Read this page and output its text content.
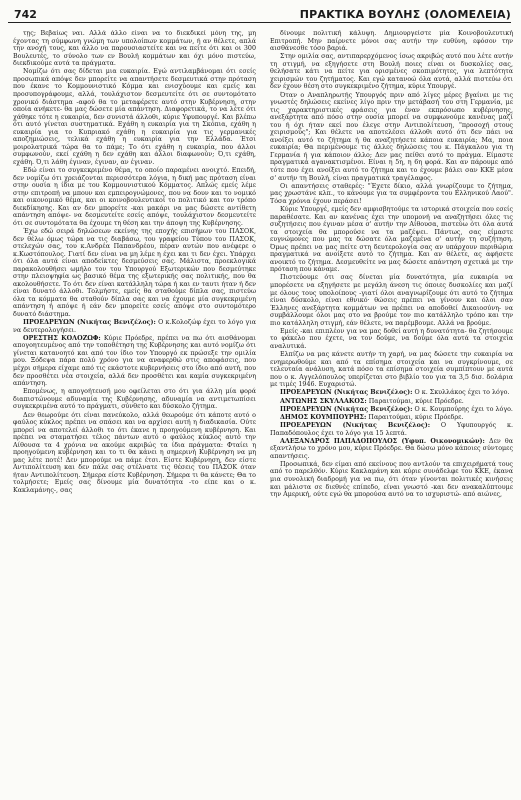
742	ΠΡΑΚΤΙΚΑ ΒΟΥΛΗΣ (ΟΛΟΜΕΛΕΙΑ)

τῃς; Βεβαίως ναι. Αλλά άλλο είναι να το διεκδικεί μόνη της, μη έχοντας τη σύμφωνη γνώμη των υπολοίπων κομμάτων, ή αν θέλετε, απλά την ανοχή τους, και άλλο να παρουσιαστείτε και να πείτε ότι και οι 300 Βουλευτές, το σύνολο των εν Βουλή κομμάτων και όχι μόνο πιστεύω, διεκδικούμε αυτά τα πράγματα.

Νομίζω ότι σας δίδεται μια ευκαιρία. Εγώ αντιλαμβάνομαι ότι εσείς προσωπικά απόψε δεν μπορείτε να απαντήσετε δεσμευτικά στην πρόταση που έκανε το Κομμουνιστικό Κόμμα και ενισχύουμε και εμείς και προσυπογράφουμε, αλλά, τουλάχιστον δεσμευτείτε ότι σε συντομότατο χρονικό διάστημα -αφού θα το μεταφέρετε αυτό στην Κυβέρνηση, στην οποία ανήκετε- θα μας δώσετε μία απάντηση. Διαφορετικά, το να λέτε ότι χάθηκε τότε η ευκαιρία, δεν συνιστά άλλοθι, κύριε Υφυπουργέ. Και βλέπω ότι αυτό γίνεται συστηματικά. Εχάθη η ευκαιρία για τη Σκόπια, εχάθη η ευκαιρία για το Κυπριακό εχάθη η ευκαιρία για τις γερμανικές αποζημιώσεις, τελικά εχάθη η ευκαιρία για την Ελλάδα. Έτσι μοιρολατρικά τώρα θα το πάμε; Το ότι εχάθη η ευκαιρία, που άλλοι συμφωνούν, εκεί εχάθη η δεν εχάθη και άλλοι διαφωνούν; Ό,τι εχάθη, εχάθη. Ό,τι λάθη έγιναν, έγιναν, αν έγιναν.

Εδώ είναι το συγκεκριμένο θέμα, το οποίο παραμένει ανοιχτό. Επειδή, δεν νομίζω ότι χρειάζονται περισσότερα λόγια, η δική μας πρόταση είναι στην ουσία η ίδια με του Κομμουνιστικού Κόμματος. Απλώς εμείς λέμε στην επιτροπή να μπουν και εμπειρογνώμονες, που να δουν και το νομικό και οικονομικό θέμα, και οι κοινοβουλευτικοί το πολιτικό και τον τρόπο διεκδίκησης. Και αν δεν μπορείτε -και μακάρι να μας δώσετε αντίθετη απάντηση απόψε- να δεσμευτείτε εσείς απόψε, τουλάχιστον δεσμευτείτε ότι σε συντομότατα θα έχουμε τη θέση και την άποψη της Κυβέρνησης.

Έχω εδώ σειρά δηλώσεων εκείνης της εποχής επισήμων του ΠΑΣΟΚ, δεν θέλω όμως τώρα να τις διαβάσω, του γραφείου Τύπου του ΠΑΣΟΚ, στελεχών σας, του κ.Ανδρέα Παπανδρέου, πέραν αυτών που ανέφερε ο κ.Κωστόπουλος. Γιατί δεν είναι να μη λέμε η έχει και τι δεν έχει. Υπάρχει ότι όλα αυτά είναι αποδείκτες δεσμεύσεις σας. Μάλιστα, προεκλογικά παρακολουθήσει ωμήλο τον του Υπουργού Εξωτερικών που δεσμεύτηκε στην πλειοψηφία ως βασικό θέμα της εξωτερικής σας πολιτικής, που θα ακολουθήσετε. Το ότι δεν είναι κατάλληλη τώρα ή και εν ταυτι ήταν ή δεν είναι δυνατό άλλοθι. Τολμήστε, εμείς θα σταθούμε δίπλα σας, πιστεύω όλα τα κόμματα θα σταθούν δίπλα σας και να έχουμε μία συγκεκριμένη απάντηση ή απόψε ή εάν δεν μπορείτε εσείς απόψε στο συντομότερο δυνατό διάστημα.

ΠΡΟΕΔΡΕΥΩΝ (Νικήτας Βενιζέλος): Ο κ.Κολοζώφ έχει το λόγο για να δευτερολογήσει.

ΟΡΕΣΤΗΣ ΚΟΛΟΖΩΦ: Κύριε Πρόεδρε, πρέπει να πω ότι αισθάνομαι απογοητευμένος από την τοποθέτηση της Κυβέρνησης και αυτό νομίζω ότι γίνεται κατανοητό και από τον ίδιο τον Υπουργό εκ πρώσεξε την ομιλία μου. Ξόδεψα πάρα πολύ χρόνο για να αναφερθώ στις αποφάσεις, που μέχρι σήμερα είχαμε από τις εκάστοτε κυβερνήσεις στο ίδιο από αυτή, που δεν προσθέτει νέα στοιχεία, αλλά δεν προσθέτει και καμία συγκεκριμένη απάντηση.

Επομένως, η απογοήτευσή μου οφείλεται στο ότι για άλλη μία φορά διαπιστώνουμε αδυναμία της Κυβέρνησης, αδυναμία να αντιμετωπίσει συγκεκριμένα αυτό το πράγματι, σύνθετο και δύσκολο ζήτημα.

Δεν θεωρούμε ότι είναι πανεύκολο, αλλά θεωρούμε ότι κάποτε αυτό ο φαύλος κύκλος πρέπει να σπάσει και να αρχίσει αυτή η διαδικασία. Ούτε μπορεί να αποτελεί άλλοθι το ότι έκανε η προηγούμενη κυβέρνηση. Και πρέπει να σταματήσει τέλος πάντων αυτό ο φαύλος κύκλος αυτό την Αίθουσα τα 4 χρόνια να ακούμε ακριβώς τα ίδια πράγματα: Φταίει η προηγούμενη κυβέρνηση και το τι θα κάνει η σημερινή Κυβέρνηση να μη μας λέτε ποτέ! Δεν μπορούμε να πάμε έτσι. Είστε Κυβέρνηση, δεν είστε Αντιπολίτευση και δεν πάλε σας στέλνατε τις θέσεις του ΠΑΣΟΚ όταν ήταν Αντιπολίτευση. Σήμερα είστε Κυβέρνηση. Σήμερα τι θα κάνετε; Θα το τολμήσετε; Εμείς σας δίνουμε μία δυνατότητα -το είπε και ο κ. Κακλαμάνης-, σας

δίνουμε πολιτική κάλυψη. Δημιουργείστε μία Κοινοβουλευτική Επιτροπή. Μην παίρνετε μόνοι σας αυτήν την ευθύνη, εφόσον την αισθάνεσθε τόσο βαριά.

Στην ομιλία σας, αντιπαρερχόμενος ίσως ακριβώς αυτό που λέτε αυτήν τη στιγμή, να εξηγήσετε στη Βουλή ποιες είναι οι δυσκολίες σας, θελήσατε κάτι να πείτε για ορισμένες σκοπιμότητες, για λεπτότητα χειρισμών του ζητήματος. Και εγώ κατανοώ όλα αυτά, αλλά πιστεύω ότι δεν έχουν θέση στο συγκεκριμένο ζήτημα, κύριε Υπουργέ.

Όταν ο Αναπληρωτής Υπουργός πριν από λίγες μέρες βγαίνει με τις γνωστές δηλώσεις εκείνες λίγο πριν την μετάβασή του στη Γερμανία, με τις χαρακτηριστικές φράσεις για έναν εκπρόσωπο κυβέρνησης, ανεξάρτητα από πόσο στην ουσία μπορεί να συμφωνούμε κανένας μαζί του ή όχι ήταν εκεί που έλεγε στην Αντιπολίτευση, "προσοχή στους χειρισμούς"; Και θέλετε να αποτελέσει άλλοθι αυτό ότι δεν πάει να ανοίξει αυτό το ζήτημα ή θα αναζητήσετε κάποια ευκαιρία; Μα, ποια ευκαιρία; Θα περιμένουμε τις άλλες δηλώσεις του κ. Πάγκαλου για τη Γερμανία ή για κάποιον άλλο; Δεν μας πείθει αυτό το πράγμα. Είμαστε πραγματικά αγανακτισμένοι. Είναι η 5η, η 6η φορά. Και αν πάρουμε από τότε που έχει ανοίξει αυτό το ζήτημα και το έχουμε βάλει σαν ΚΚΕ μέσα σ' αυτήν τη Βουλή, είναι πραγματικά τραγέλαφος.

Οι απαντήσεις σταθερές: "Έχετε δίκιο, αλλά γνωρίζουμε το ζήτημα, μας χρωστάνε κλπ., το κάνουμε για τα συμφέροντα του Ελληνικού Λαού". Τόσα χρόνια έχουν περάσει!

Κύριε Υπουργέ, εμείς δεν αμφισβητούμε τα ιστορικά στοιχεία που εσείς παραθέσατε. Και αν κανένας έχει την υπομονή να αναζητήσει όλες τις συζητήσεις που έγιναν μέσα σ' αυτήν την Αίθουσα, πιστεύω ότι όλα αυτά τα στοιχεία θα μπορούσε να τα μαζέψει. Πάντως, σας είμαστε ευγνώμονες που μας τα δώσατε όλα μαζεμένα σ' αυτήν τη συζήτηση. Όμως πρέπει να μας πείτε στη δευτερολογία σας αν υπάρχουν περιθώρια πραγματικά να ανοίξετε αυτό το ζήτημα. Και αν θέλετε, ας αφήσετε ανοικτό το ζήτημα. Δεσμευθείτε να μας δώσετε απάντηση σχετικά με την πρόταση που κάναμε.

Πιστεύουμε ότι σας δίνεται μία δυνατότητα, μία ευκαιρία να μπορέσετε να εξηγήσετε με μεγάλη άνεση τις όποιες δυσκολίες και μαζί με όλους τους υπολοίπους -γιατί όλοι αναγνωρίζουμε ότι αυτό το ζήτημα είναι δύσκολο, είναι εθνικό· θώσεις πρέπει να γίνουν και όλοι σαν Έλληνες ανεξάρτητα κομμάτων να πρέπει να αποδοθεί Δικαιοσύνη- να συμβάλλουμε όλοι μας στο να βρούμε τον πιο κατάλληλο τρόπο και την πιο κατάλληλη στιγμή, εάν θέλετε, να παρέμβουμε. Αλλά να βρούμε.

Εμείς -και επιπλέον για να μας δοθεί αυτή η δυνατότητα- θα ζητήσουμε το φάκελο που έχετε, να τον δούμε, να δούμε όλα αυτά τα στοιχεία αναλυτικά.

Ελπίζω να μας κάνετε αυτήν τη χαρή, να μας δώσετε την ευκαιρία να ενημερωθούμε και από τα επίσημα στοιχεία και να συγκρίνουμε, σε τελευταία ανάλυση, κατά πόσο τα επίσημα στοιχεία συμπίπτουν με αυτά που ο κ. Αγγελόπουλος υπερίζεται στο βιβλίο του για τα 3,5 δισ. δολάρια με τιμές 1946. Ευχαριστώ.

ΠΡΟΕΔΡΕΥΩΝ (Νικήτας Βενιζέλος): Ο κ. Σκυλλάκος έχει το λόγο.

ΑΝΤΩΝΗΣ ΣΚΥΛΛΑΚΟΣ: Παραιτούμαι, κύριε Πρόεδρε.

ΠΡΟΕΔΡΕΥΩΝ (Νικήτας Βενιζέλος): Ο κ. Κουμπούρης έχει το λόγο.

ΔΗΜΟΣ ΚΟΥΜΠΟΥΡΗΣ: Παραιτούμαι, κύριε Πρόεδρε.

ΠΡΟΕΔΡΕΥΩΝ (Νικήτας Βενιζέλος): Ο Υφυπουργός κ. Παπαδόπουλος έχει το λόγο για 15 λεπτά.

ΑΛΕΞΑΝΔΡΟΣ ΠΑΠΑΔΟΠΟΥΛΟΣ (Υφυπ. Οικονομικών): Δεν θα εξαντλήσω το χρόνο μου, κύριε Πρόεδρε. Θα δώσω μόνο κάποιες σύντομες απαντήσεις.

Προσωπικά, δεν είμαι από εκείνους που αντλούν τα επιχειρήματά τους από το παρελθόν. Κύριε Κακλαμάνη και κύριε συνάδελφε του ΚΚΕ, έκανα μια συνολική διαδρομή για να πω, ότι όταν γίνονται πολιτικές κινήσεις και μάλιστα σε διεθνές επίπεδο, είναι γνωστό -και δεν ανακαλύπτουμε την Αμερική, ούτε εγώ θα μπορούσα αυτό να το ισχυριστώ- από αιώνες,
